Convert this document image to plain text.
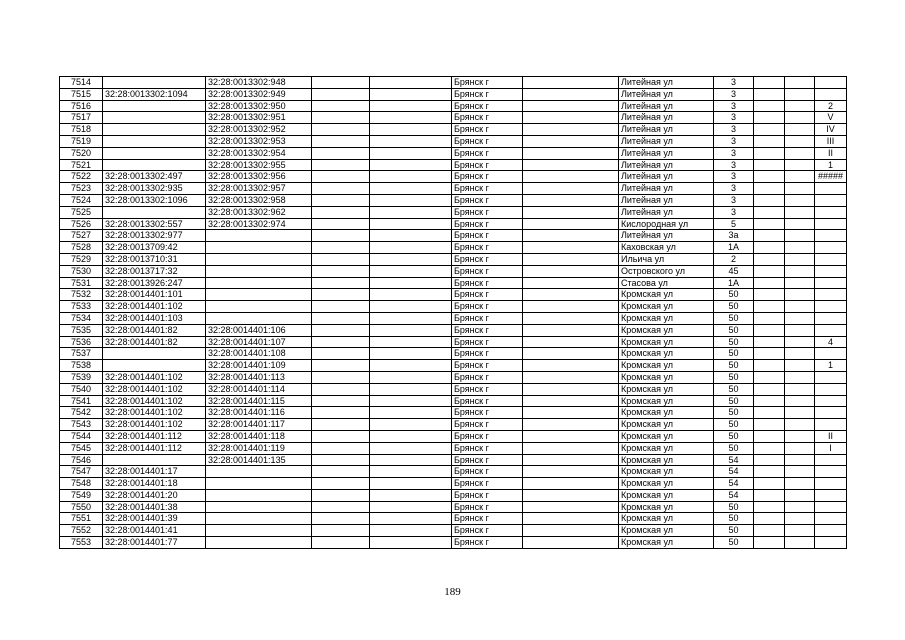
7514		32:28:0013302:948			Брянск г		Литейная ул	3			
7515	32:28:0013302:1094	32:28:0013302:949			Брянск г		Литейная ул	3			
7516		32:28:0013302:950			Брянск г		Литейная ул	3			2
7517		32:28:0013302:951			Брянск г		Литейная ул	3			V
7518		32:28:0013302:952			Брянск г		Литейная ул	3			IV
7519		32:28:0013302:953			Брянск г		Литейная ул	3			III
7520		32:28:0013302:954			Брянск г		Литейная ул	3			II
7521		32:28:0013302:955			Брянск г		Литейная ул	3			1
7522	32:28:0013302:497	32:28:0013302:956			Брянск г		Литейная ул	3			#####
7523	32:28:0013302:935	32:28:0013302:957			Брянск г		Литейная ул	3			
7524	32:28:0013302:1096	32:28:0013302:958			Брянск г		Литейная ул	3			
7525		32:28:0013302:962			Брянск г		Литейная ул	3			
7526	32:28:0013302:557	32:28:0013302:974			Брянск г		Кислородная ул	5			
7527	32:28:0013302:977				Брянск г		Литейная ул	3а			
7528	32:28:0013709:42				Брянск г		Каховская ул	1А			
7529	32:28:0013710:31				Брянск г		Ильича ул	2			
7530	32:28:0013717:32				Брянск г		Островского ул	45			
7531	32:28:0013926:247				Брянск г		Стасова ул	1А			
7532	32:28:0014401:101				Брянск г		Кромская ул	50			
7533	32:28:0014401:102				Брянск г		Кромская ул	50			
7534	32:28:0014401:103				Брянск г		Кромская ул	50			
7535	32:28:0014401:82	32:28:0014401:106			Брянск г		Кромская ул	50			
7536	32:28:0014401:82	32:28:0014401:107			Брянск г		Кромская ул	50			4
7537		32:28:0014401:108			Брянск г		Кромская ул	50			
7538		32:28:0014401:109			Брянск г		Кромская ул	50			1
7539	32:28:0014401:102	32:28:0014401:113			Брянск г		Кромская ул	50			
7540	32:28:0014401:102	32:28:0014401:114			Брянск г		Кромская ул	50			
7541	32:28:0014401:102	32:28:0014401:115			Брянск г		Кромская ул	50			
7542	32:28:0014401:102	32:28:0014401:116			Брянск г		Кромская ул	50			
7543	32:28:0014401:102	32:28:0014401:117			Брянск г		Кромская ул	50			
7544	32:28:0014401:112	32:28:0014401:118			Брянск г		Кромская ул	50			II
7545	32:28:0014401:112	32:28:0014401:119			Брянск г		Кромская ул	50			I
7546		32:28:0014401:135			Брянск г		Кромская ул	54			
7547	32:28:0014401:17				Брянск г		Кромская ул	54			
7548	32:28:0014401:18				Брянск г		Кромская ул	54			
7549	32:28:0014401:20				Брянск г		Кромская ул	54			
7550	32:28:0014401:38				Брянск г		Кромская ул	50			
7551	32:28:0014401:39				Брянск г		Кромская ул	50			
7552	32:28:0014401:41				Брянск г		Кромская ул	50			
7553	32:28:0014401:77				Брянск г		Кромская ул	50			
189
